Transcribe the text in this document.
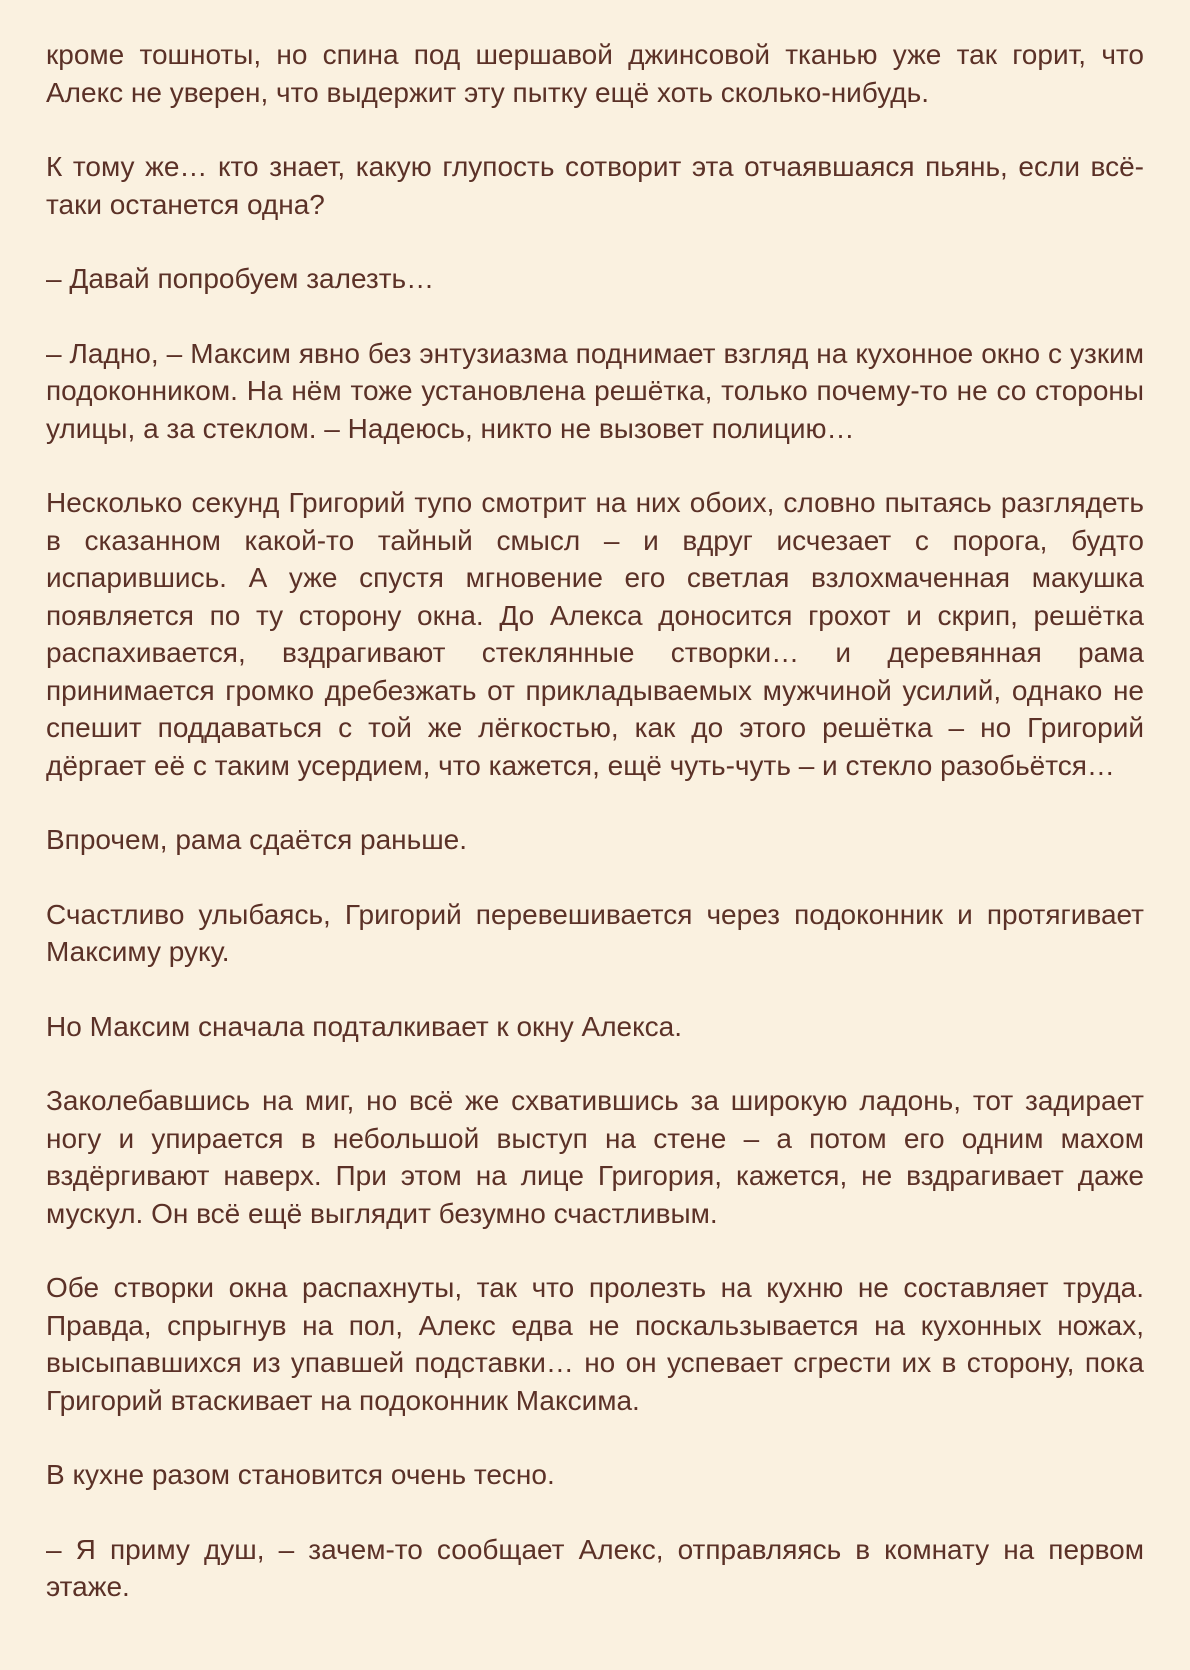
кроме тошноты, но спина под шершавой джинсовой тканью уже так горит, что Алекс не уверен, что выдержит эту пытку ещё хоть сколько-нибудь.

К тому же… кто знает, какую глупость сотворит эта отчаявшаяся пьянь, если всё-таки останется одна?

– Давай попробуем залезть…

– Ладно, – Максим явно без энтузиазма поднимает взгляд на кухонное окно с узким подоконником. На нём тоже установлена решётка, только почему-то не со стороны улицы, а за стеклом. – Надеюсь, никто не вызовет полицию…

Несколько секунд Григорий тупо смотрит на них обоих, словно пытаясь разглядеть в сказанном какой-то тайный смысл – и вдруг исчезает с порога, будто испарившись. А уже спустя мгновение его светлая взлохмаченная макушка появляется по ту сторону окна. До Алекса доносится грохот и скрип, решётка распахивается, вздрагивают стеклянные створки… и деревянная рама принимается громко дребезжать от прикладываемых мужчиной усилий, однако не спешит поддаваться с той же лёгкостью, как до этого решётка – но Григорий дёргает её с таким усердием, что кажется, ещё чуть-чуть – и стекло разобьётся…

Впрочем, рама сдаётся раньше.

Счастливо улыбаясь, Григорий перевешивается через подоконник и протягивает Максиму руку.

Но Максим сначала подталкивает к окну Алекса.

Заколебавшись на миг, но всё же схватившись за широкую ладонь, тот задирает ногу и упирается в небольшой выступ на стене – а потом его одним махом вздёргивают наверх. При этом на лице Григория, кажется, не вздрагивает даже мускул. Он всё ещё выглядит безумно счастливым.

Обе створки окна распахнуты, так что пролезть на кухню не составляет труда. Правда, спрыгнув на пол, Алекс едва не поскальзывается на кухонных ножах, высыпавшихся из упавшей подставки… но он успевает сгрести их в сторону, пока Григорий втаскивает на подоконник Максима.

В кухне разом становится очень тесно.

– Я приму душ, – зачем-то сообщает Алекс, отправляясь в комнату на первом этаже.
